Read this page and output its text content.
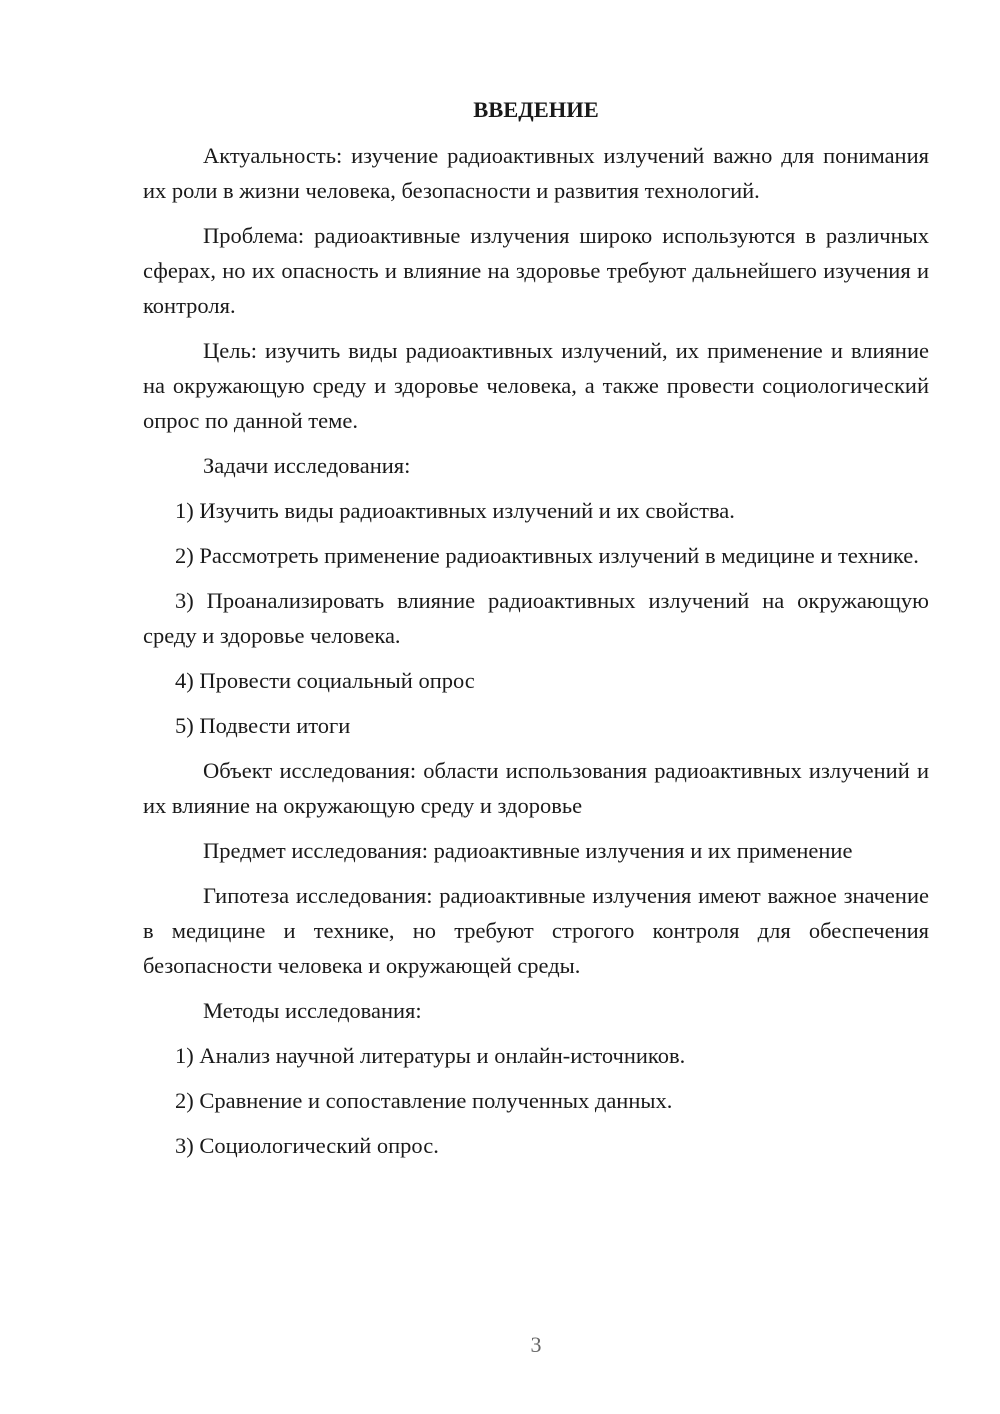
ВВЕДЕНИЕ

Актуальность: изучение радиоактивных излучений важно для понимания их роли в жизни человека, безопасности и развития технологий.

Проблема: радиоактивные излучения широко используются в различных сферах, но их опасность и влияние на здоровье требуют дальнейшего изучения и контроля.

Цель: изучить виды радиоактивных излучений, их применение и влияние на окружающую среду и здоровье человека, а также провести социологический опрос по данной теме.

Задачи исследования:

1) Изучить виды радиоактивных излучений и их свойства.

2) Рассмотреть применение радиоактивных излучений в медицине и технике.

3) Проанализировать влияние радиоактивных излучений на окружающую среду и здоровье человека.

4) Провести социальный опрос

5) Подвести итоги

Объект исследования: области использования радиоактивных излучений и их влияние на окружающую среду и здоровье

Предмет исследования: радиоактивные излучения и их применение

Гипотеза исследования: радиоактивные излучения имеют важное значение в медицине и технике, но требуют строгого контроля для обеспечения безопасности человека и окружающей среды.

Методы исследования:

1) Анализ научной литературы и онлайн-источников.

2) Сравнение и сопоставление полученных данных.

3) Социологический опрос.

3
